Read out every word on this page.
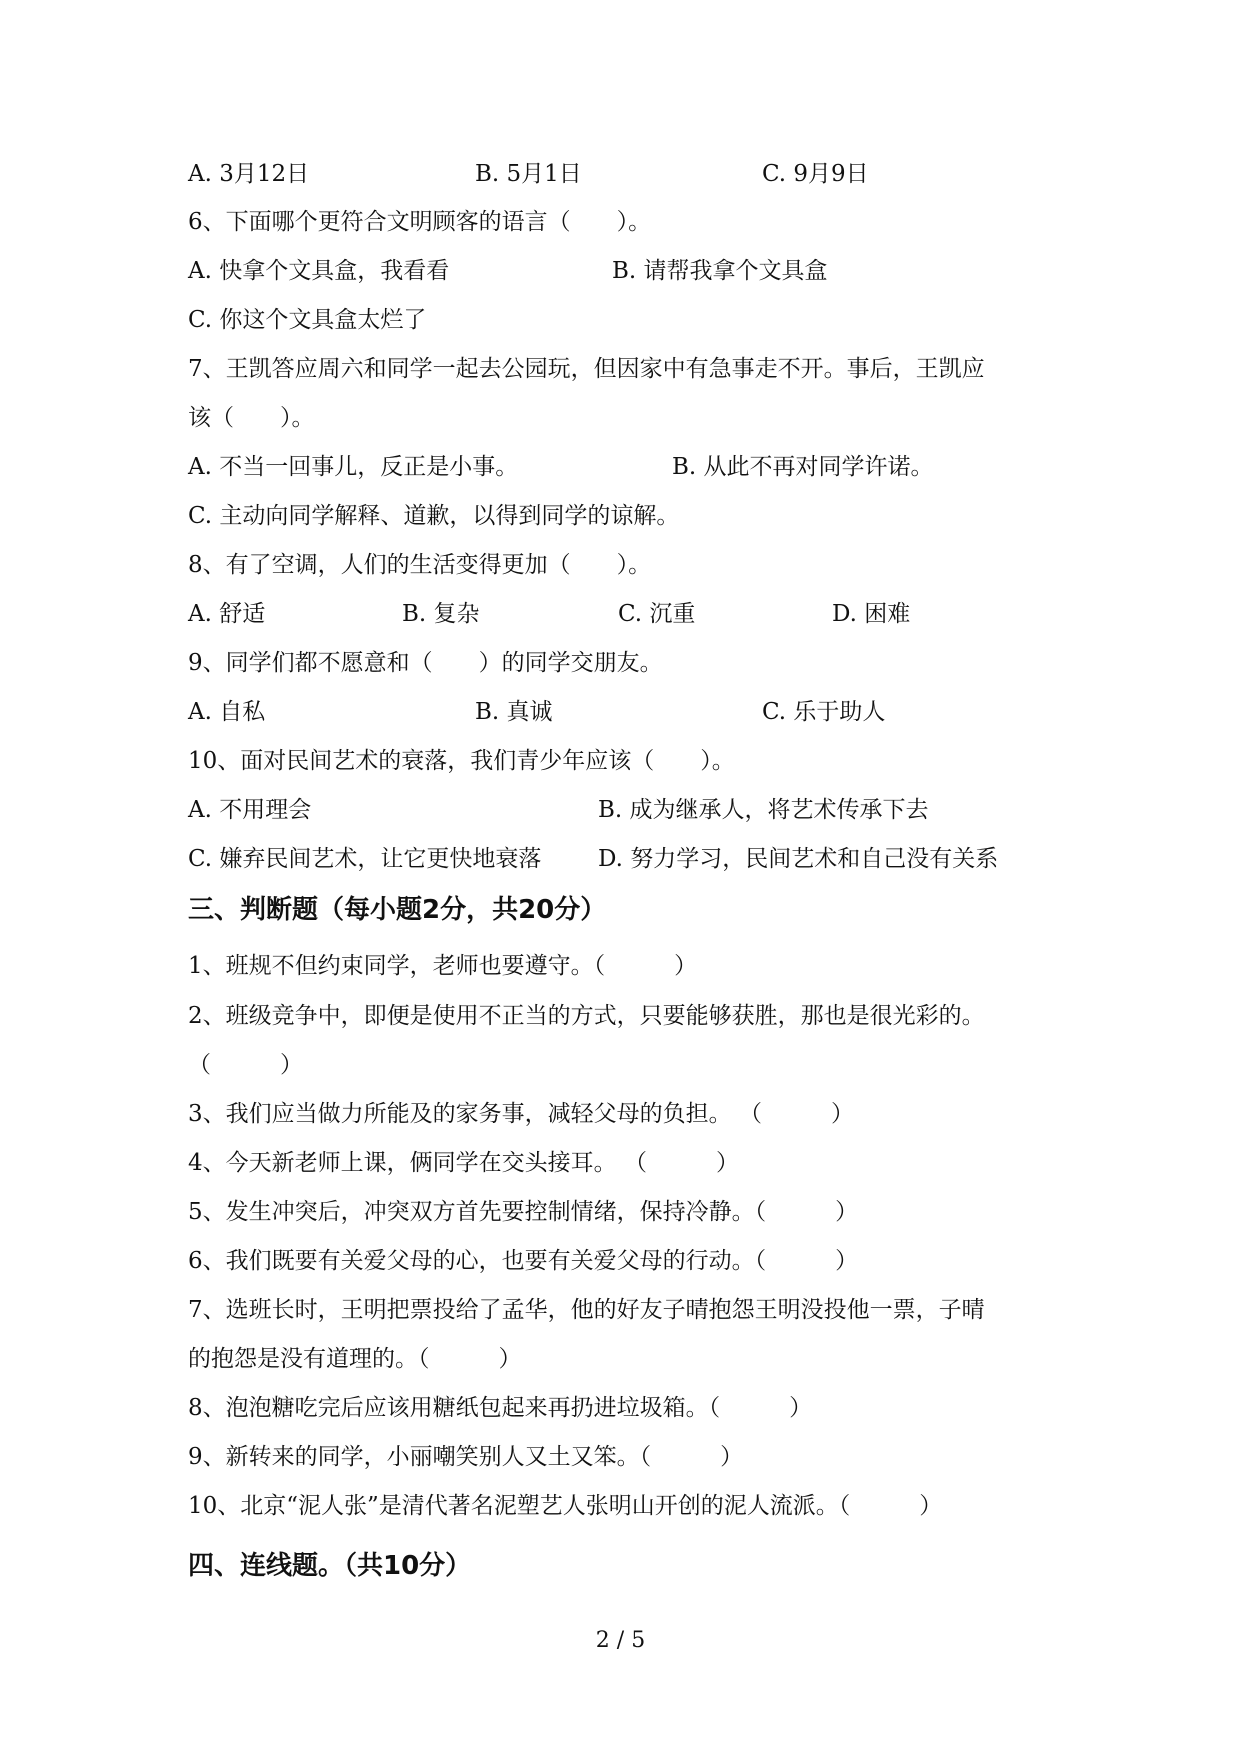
A. 3月12日	B. 5月1日	C. 9月9日
6、下面哪个更符合文明顾客的语言（　　）。
A. 快拿个文具盒，我看看	B. 请帮我拿个文具盒
C. 你这个文具盒太烂了
7、王凯答应周六和同学一起去公园玩，但因家中有急事走不开。事后，王凯应
该（　　）。
A. 不当一回事儿，反正是小事。	B. 从此不再对同学许诺。
C. 主动向同学解释、道歉，以得到同学的谅解。
8、有了空调，人们的生活变得更加（　　）。
A. 舒适	B. 复杂	C. 沉重	D. 困难
9、同学们都不愿意和（　　）的同学交朋友。
A. 自私	B. 真诚	C. 乐于助人
10、面对民间艺术的衰落，我们青少年应该（　　）。
A. 不用理会	B. 成为继承人，将艺术传承下去
C. 嫌弃民间艺术，让它更快地衰落 D. 努力学习，民间艺术和自己没有关系
三、判断题（每小题2分，共20分）
1、班规不但约束同学，老师也要遵守。（　　　）
2、班级竞争中，即便是使用不正当的方式，只要能够获胜，那也是很光彩的。
（　　　）
3、我们应当做力所能及的家务事，减轻父母的负担。 （　　　）
4、今天新老师上课，俩同学在交头接耳。 （　　　）
5、发生冲突后，冲突双方首先要控制情绪，保持冷静。（　　　）
6、我们既要有关爱父母的心，也要有关爱父母的行动。（　　　）
7、选班长时，王明把票投给了孟华，他的好友子晴抱怨王明没投他一票，子晴
的抱怨是没有道理的。（　　　）
8、泡泡糖吃完后应该用糖纸包起来再扔进垃圾箱。（　　　）
9、新转来的同学，小丽嘲笑别人又土又笨。（　　　）
10、北京“泥人张”是清代著名泥塑艺人张明山开创的泥人流派。（　　　）
四、连线题。（共10分）
2 / 5
